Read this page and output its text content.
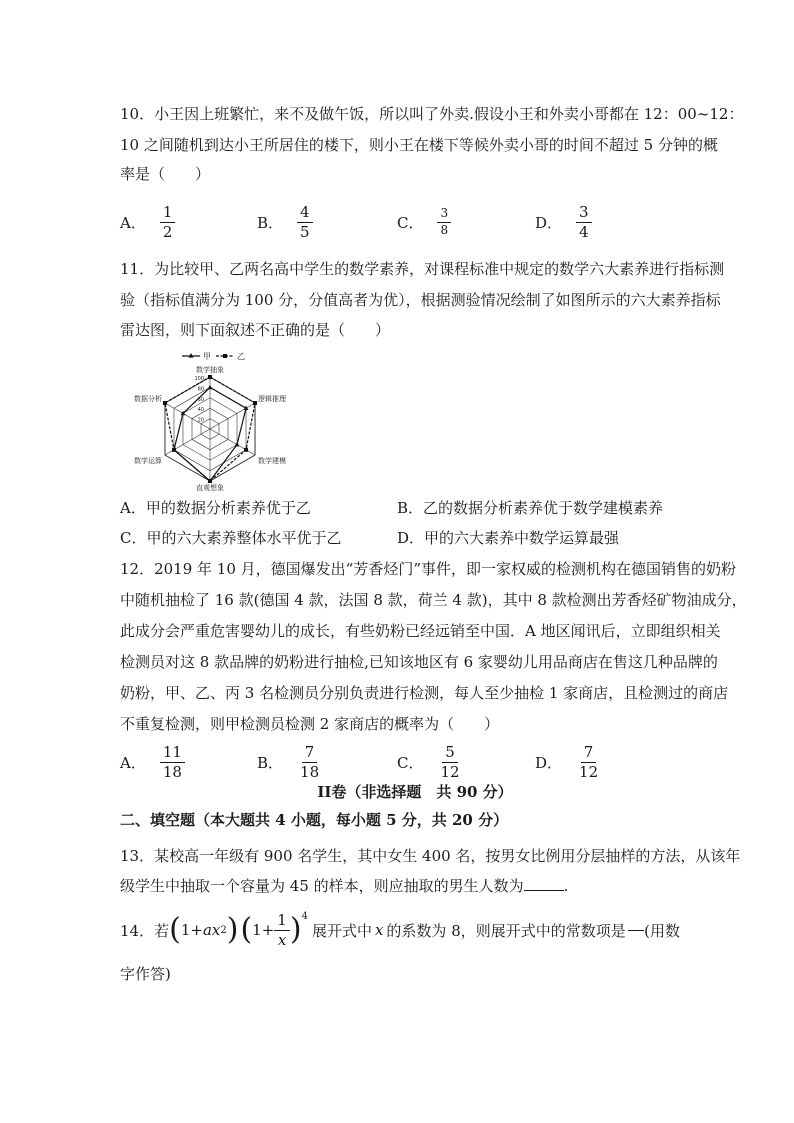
10．小王因上班繁忙，来不及做午饭，所以叫了外卖.假设小王和外卖小哥都在 12：00~12：
10 之间随机到达小王所居住的楼下，则小王在楼下等候外卖小哥的时间不超过 5 分钟的概
率是（　　）
A． $\frac{1}{2}$	B． $\frac{4}{5}$	C． $\frac{3}{8}$	D． $\frac{3}{4}$
11．为比较甲、乙两名高中学生的数学素养，对课程标准中规定的数学六大素养进行指标测
验（指标值满分为 100 分，分值高者为优），根据测验情况绘制了如图所示的六大素养指标
雷达图，则下面叙述不正确的是（　　）
100
80
60
40
20
数学抽象
逻辑推理
数学建模
直观想象
数学运算
数据分析
甲	乙
A．甲的数据分析素养优于乙	B．乙的数据分析素养优于数学建模素养
C．甲的六大素养整体水平优于乙	D．甲的六大素养中数学运算最强
12．2019 年 10 月，德国爆发出“芳香烃门”事件，即一家权威的检测机构在德国销售的奶粉
中随机抽检了 16 款(德国 4 款，法国 8 款，荷兰 4 款)，其中 8 款检测出芳香烃矿物油成分，
此成分会严重危害婴幼儿的成长，有些奶粉已经远销至中国．A 地区闻讯后，立即组织相关
检测员对这 8 款品牌的奶粉进行抽检,已知该地区有 6 家婴幼儿用品商店在售这几种品牌的
奶粉，甲、乙、丙 3 名检测员分别负责进行检测，每人至少抽检 1 家商店，且检测过的商店
不重复检测，则甲检测员检测 2 家商店的概率为（　　）
A． $\frac{11}{18}$	B． $\frac{7}{18}$	C． $\frac{5}{12}$	D． $\frac{7}{12}$
II卷（非选择题　共 90 分）
二、填空题（本大题共 4 小题，每小题 5 分，共 20 分）
13．某校高一年级有 900 名学生，其中女生 400 名，按男女比例用分层抽样的方法，从该年
级学生中抽取一个容量为 45 的样本，则应抽取的男生人数为	.
14．若 ( 1+ a x 2 ) ( $1+ \frac{1}{x} )^4$
展开式中 x 的系数为 8，则展开式中的常数项是 (用数
字作答)
